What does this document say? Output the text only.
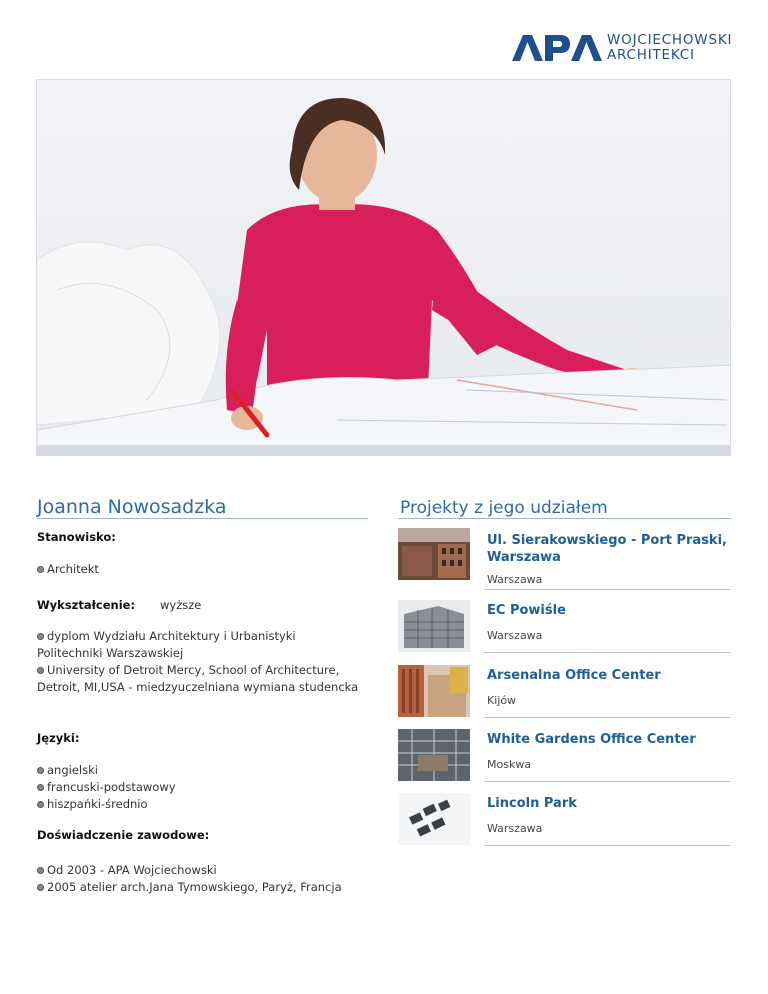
WOJCIECHOWSKI
ARCHITEKCI
Joanna Nowosadzka
Stanowisko:
Architekt
Wykształcenie: wyższe
dyplom Wydziału Architektury i Urbanistyki Politechniki Warszawskiej
University of Detroit Mercy, School of Architecture, Detroit, MI,USA - miedzyuczelniana wymiana studencka
Języki:
angielski
francuski-podstawowy
hiszpańki-średnio
Doświadczenie zawodowe:
Od 2003 - APA Wojciechowski
2005 atelier arch.Jana Tymowskiego, Paryż, Francja
Projekty z jego udziałem
Ul. Sierakowskiego - Port Praski, Warszawa
Warszawa
EC Powiśle
Warszawa
Arsenalna Office Center
Kijów
White Gardens Office Center
Moskwa
Lincoln Park
Warszawa
